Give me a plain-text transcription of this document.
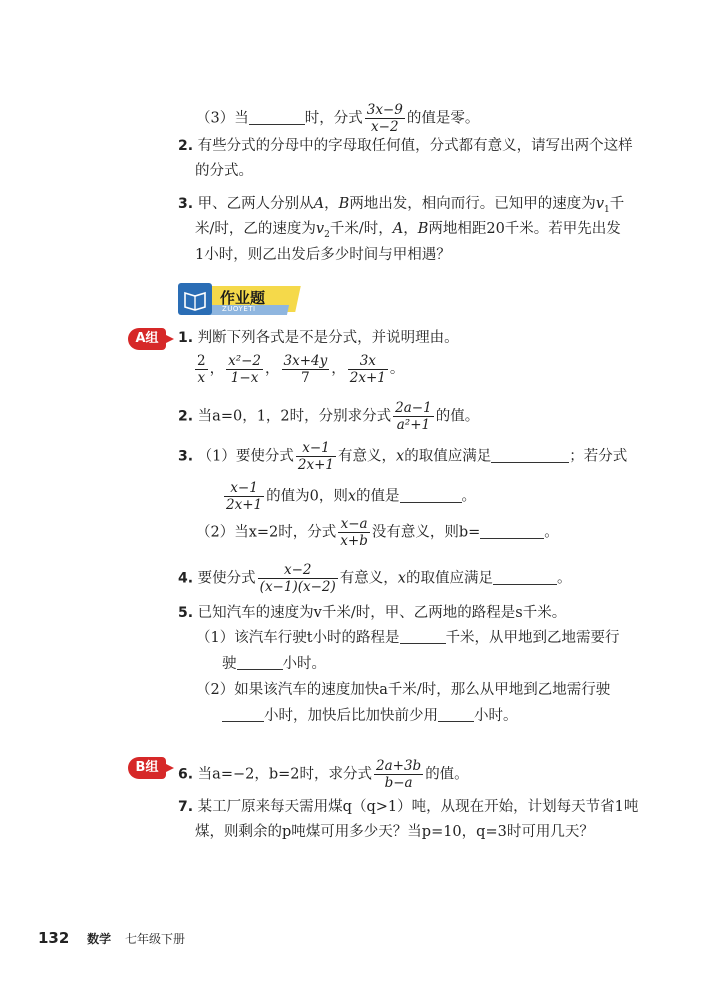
（3）当	时，分式 $\frac{3x-9}{x-2}$ 的值是零。
2. 有些分式的分母中的字母取任何值，分式都有意义，请写出两个这样
的分式。
3. 甲、乙两人分别从A，B两地出发，相向而行。已知甲的速度为$v_1$千
米/时，乙的速度为$v_2$千米/时，A，B两地相距20千米。若甲先出发
1小时，则乙出发后多少时间与甲相遇？
作业题
ZUOYETI
A组	1. 判断下列各式是不是分式，并说明理由。
$\frac{2}{x}$ ， $\frac{\text{x²−2}}{1-x}$ ， $\frac{3x+4y}{7}$ ， $\frac{3x}{2x+1}$ 。
2. 当a=0，1，2时，分别求分式 $\frac{2a-1}{\text{a²+1}}$ 的值。
3. （1）要使分式 $\frac{x-1}{2x+1}$ 有意义，x的取值应满足	；若分式
$\frac{x-1}{2x+1}$ 的值为0，则x的值是	。
（2）当x=2时，分式 $\frac{x-a}{x+b}$ 没有意义，则b=	。
4. 要使分式 $\frac{x-2}{(x-1)(x-2)}$ 有意义，x的取值应满足	。
5. 已知汽车的速度为v千米/时，甲、乙两地的路程是s千米。
（1）该汽车行驶t小时的路程是	千米，从甲地到乙地需要行
驶	小时。
（2）如果该汽车的速度加快a千米/时，那么从甲地到乙地需行驶
小时，加快后比加快前少用 小时。
B组	6. 当a=−2，b=2时，求分式 $\frac{2a+3b}{b-a}$ 的值。
7. 某工厂原来每天需用煤q（q>1）吨，从现在开始，计划每天节省1吨
煤，则剩余的p吨煤可用多少天？当p=10，q=3时可用几天？
132 数学 七年级下册
